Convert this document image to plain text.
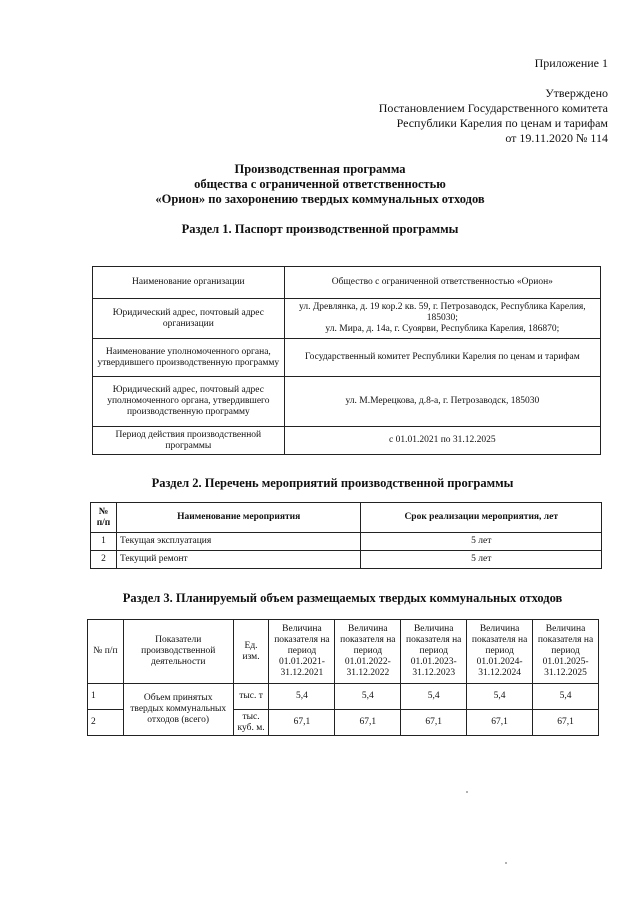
Приложение 1
Утверждено
Постановлением Государственного комитета
Республики Карелия по ценам и тарифам
от 19.11.2020 № 114
Производственная программа
общества с ограниченной ответственностью
«Орион» по захоронению твердых коммунальных отходов
Раздел 1. Паспорт производственной программы
Наименование организации	Общество с ограниченной ответственностью «Орион»
Юридический адрес, почтовый адрес организации	ул. Древлянка, д. 19 кор.2 кв. 59, г. Петрозаводск, Республика Карелия, 185030;
ул. Мира, д. 14а, г. Суоярви, Республика Карелия, 186870;

Наименование уполномоченного органа, утвердившего производственную программу	Государственный комитет Республики Карелия по ценам и тарифам
Юридический адрес, почтовый адрес уполномоченного органа, утвердившего производственную программу	ул. М.Мерецкова, д.8-а, г. Петрозаводск, 185030
Период действия производственной программы	с 01.01.2021 по 31.12.2025
Раздел 2. Перечень мероприятий производственной программы
№ п/п	Наименование мероприятия	Срок реализации мероприятия, лет
1	Текущая эксплуатация	5 лет
2	Текущий ремонт	5 лет
Раздел 3. Планируемый объем размещаемых твердых коммунальных отходов
№ п/п	Показатели производственной деятельности	Ед. изм.	Величина показателя на период 01.01.2021-31.12.2021	Величина показателя на период 01.01.2022-31.12.2022	Величина показателя на период 01.01.2023-31.12.2023	Величина показателя на период 01.01.2024-31.12.2024	Величина показателя на период 01.01.2025-31.12.2025
1	Объем принятых твердых коммунальных отходов (всего)	тыс. т	5,4	5,4	5,4	5,4	5,4
2		тыс. куб. м.	67,1	67,1	67,1	67,1	67,1
